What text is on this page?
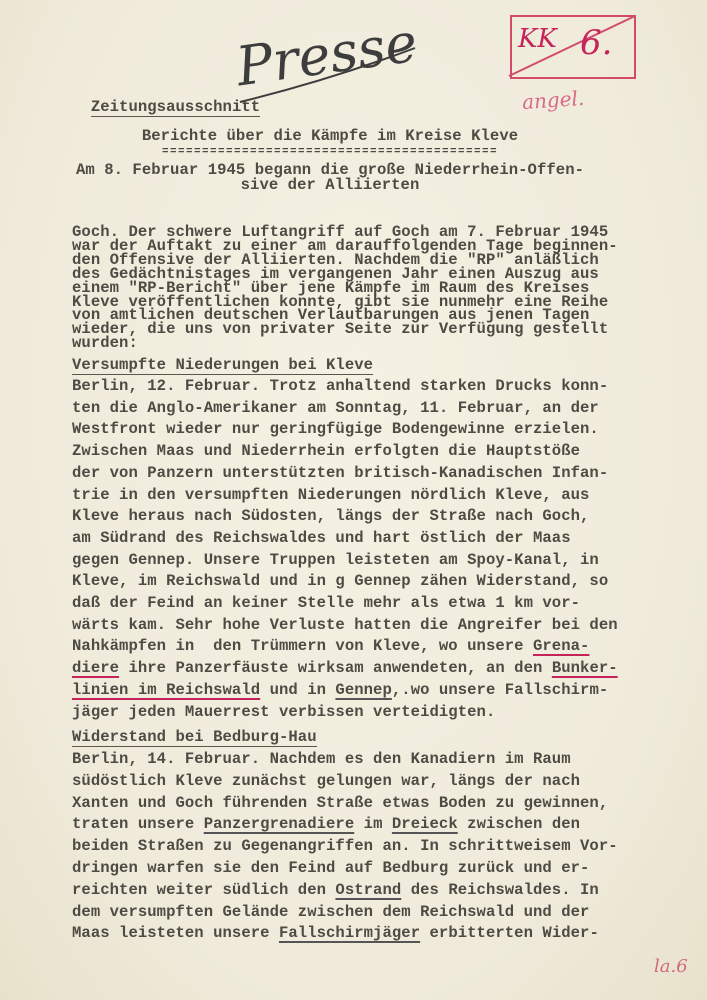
Presse	KK 6.
angel.
la.6

Zeitungsausschnitt

Berichte über die Kämpfe im Kreise Kleve
==========================================
Am 8. Februar 1945 begann die große Niederrhein-Offen-
sive der Alliierten
Goch. Der schwere Luftangriff auf Goch am 7. Februar 1945
war der Auftakt zu einer am darauffolgenden Tage beginnen-
den Offensive der Alliierten. Nachdem die "RP" anläßlich
des Gedächtnistages im vergangenen Jahr einen Auszug aus
einem "RP-Bericht" über jene Kämpfe im Raum des Kreises
Kleve veröffentlichen konnte, gibt sie nunmehr eine Reihe
von amtlichen deutschen Verlautbarungen aus jenen Tagen
wieder, die uns von privater Seite zur Verfügung gestellt
wurden:
Versumpfte Niederungen bei Kleve
Berlin, 12. Februar. Trotz anhaltend starken Drucks konn-
ten die Anglo-Amerikaner am Sonntag, 11. Februar, an der
Westfront wieder nur geringfügige Bodengewinne erzielen.
Zwischen Maas und Niederrhein erfolgten die Hauptstöße
der von Panzern unterstützten britisch-Kanadischen Infan-
trie in den versumpften Niederungen nördlich Kleve, aus
Kleve heraus nach Südosten, längs der Straße nach Goch,
am Südrand des Reichswaldes und hart östlich der Maas
gegen Gennep. Unsere Truppen leisteten am Spoy-Kanal, in
Kleve, im Reichswald und in g Gennep zähen Widerstand, so
daß der Feind an keiner Stelle mehr als etwa 1 km vor-
wärts kam. Sehr hohe Verluste hatten die Angreifer bei den
Nahkämpfen in  den Trümmern von Kleve, wo unsere Grena-
diere ihre Panzerfäuste wirksam anwendeten, an den Bunker-
linien im Reichswald und in Gennep,.wo unsere Fallschirm-
jäger jeden Mauerrest verbissen verteidigten.
Widerstand bei Bedburg-Hau
Berlin, 14. Februar. Nachdem es den Kanadiern im Raum
südöstlich Kleve zunächst gelungen war, längs der nach
Xanten und Goch führenden Straße etwas Boden zu gewinnen,
traten unsere Panzergrenadiere im Dreieck zwischen den
beiden Straßen zu Gegenangriffen an. In schrittweisem Vor-
dringen warfen sie den Feind auf Bedburg zurück und er-
reichten weiter südlich den Ostrand des Reichswaldes. In
dem versumpften Gelände zwischen dem Reichswald und der
Maas leisteten unsere Fallschirmjäger erbitterten Wider-
